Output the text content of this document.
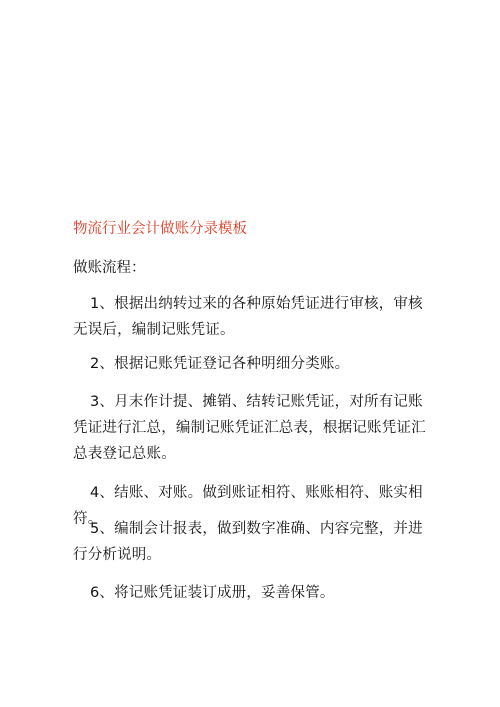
物流行业会计做账分录模板
做账流程：
1、根据出纳转过来的各种原始凭证进行审核，审核无误后，编制记账凭证。
2、根据记账凭证登记各种明细分类账。
3、月末作计提、摊销、结转记账凭证，对所有记账凭证进行汇总，编制记账凭证汇总表，根据记账凭证汇总表登记总账。
4、结账、对账。做到账证相符、账账相符、账实相符。
5、编制会计报表，做到数字准确、内容完整，并进行分析说明。
6、将记账凭证装订成册，妥善保管。
